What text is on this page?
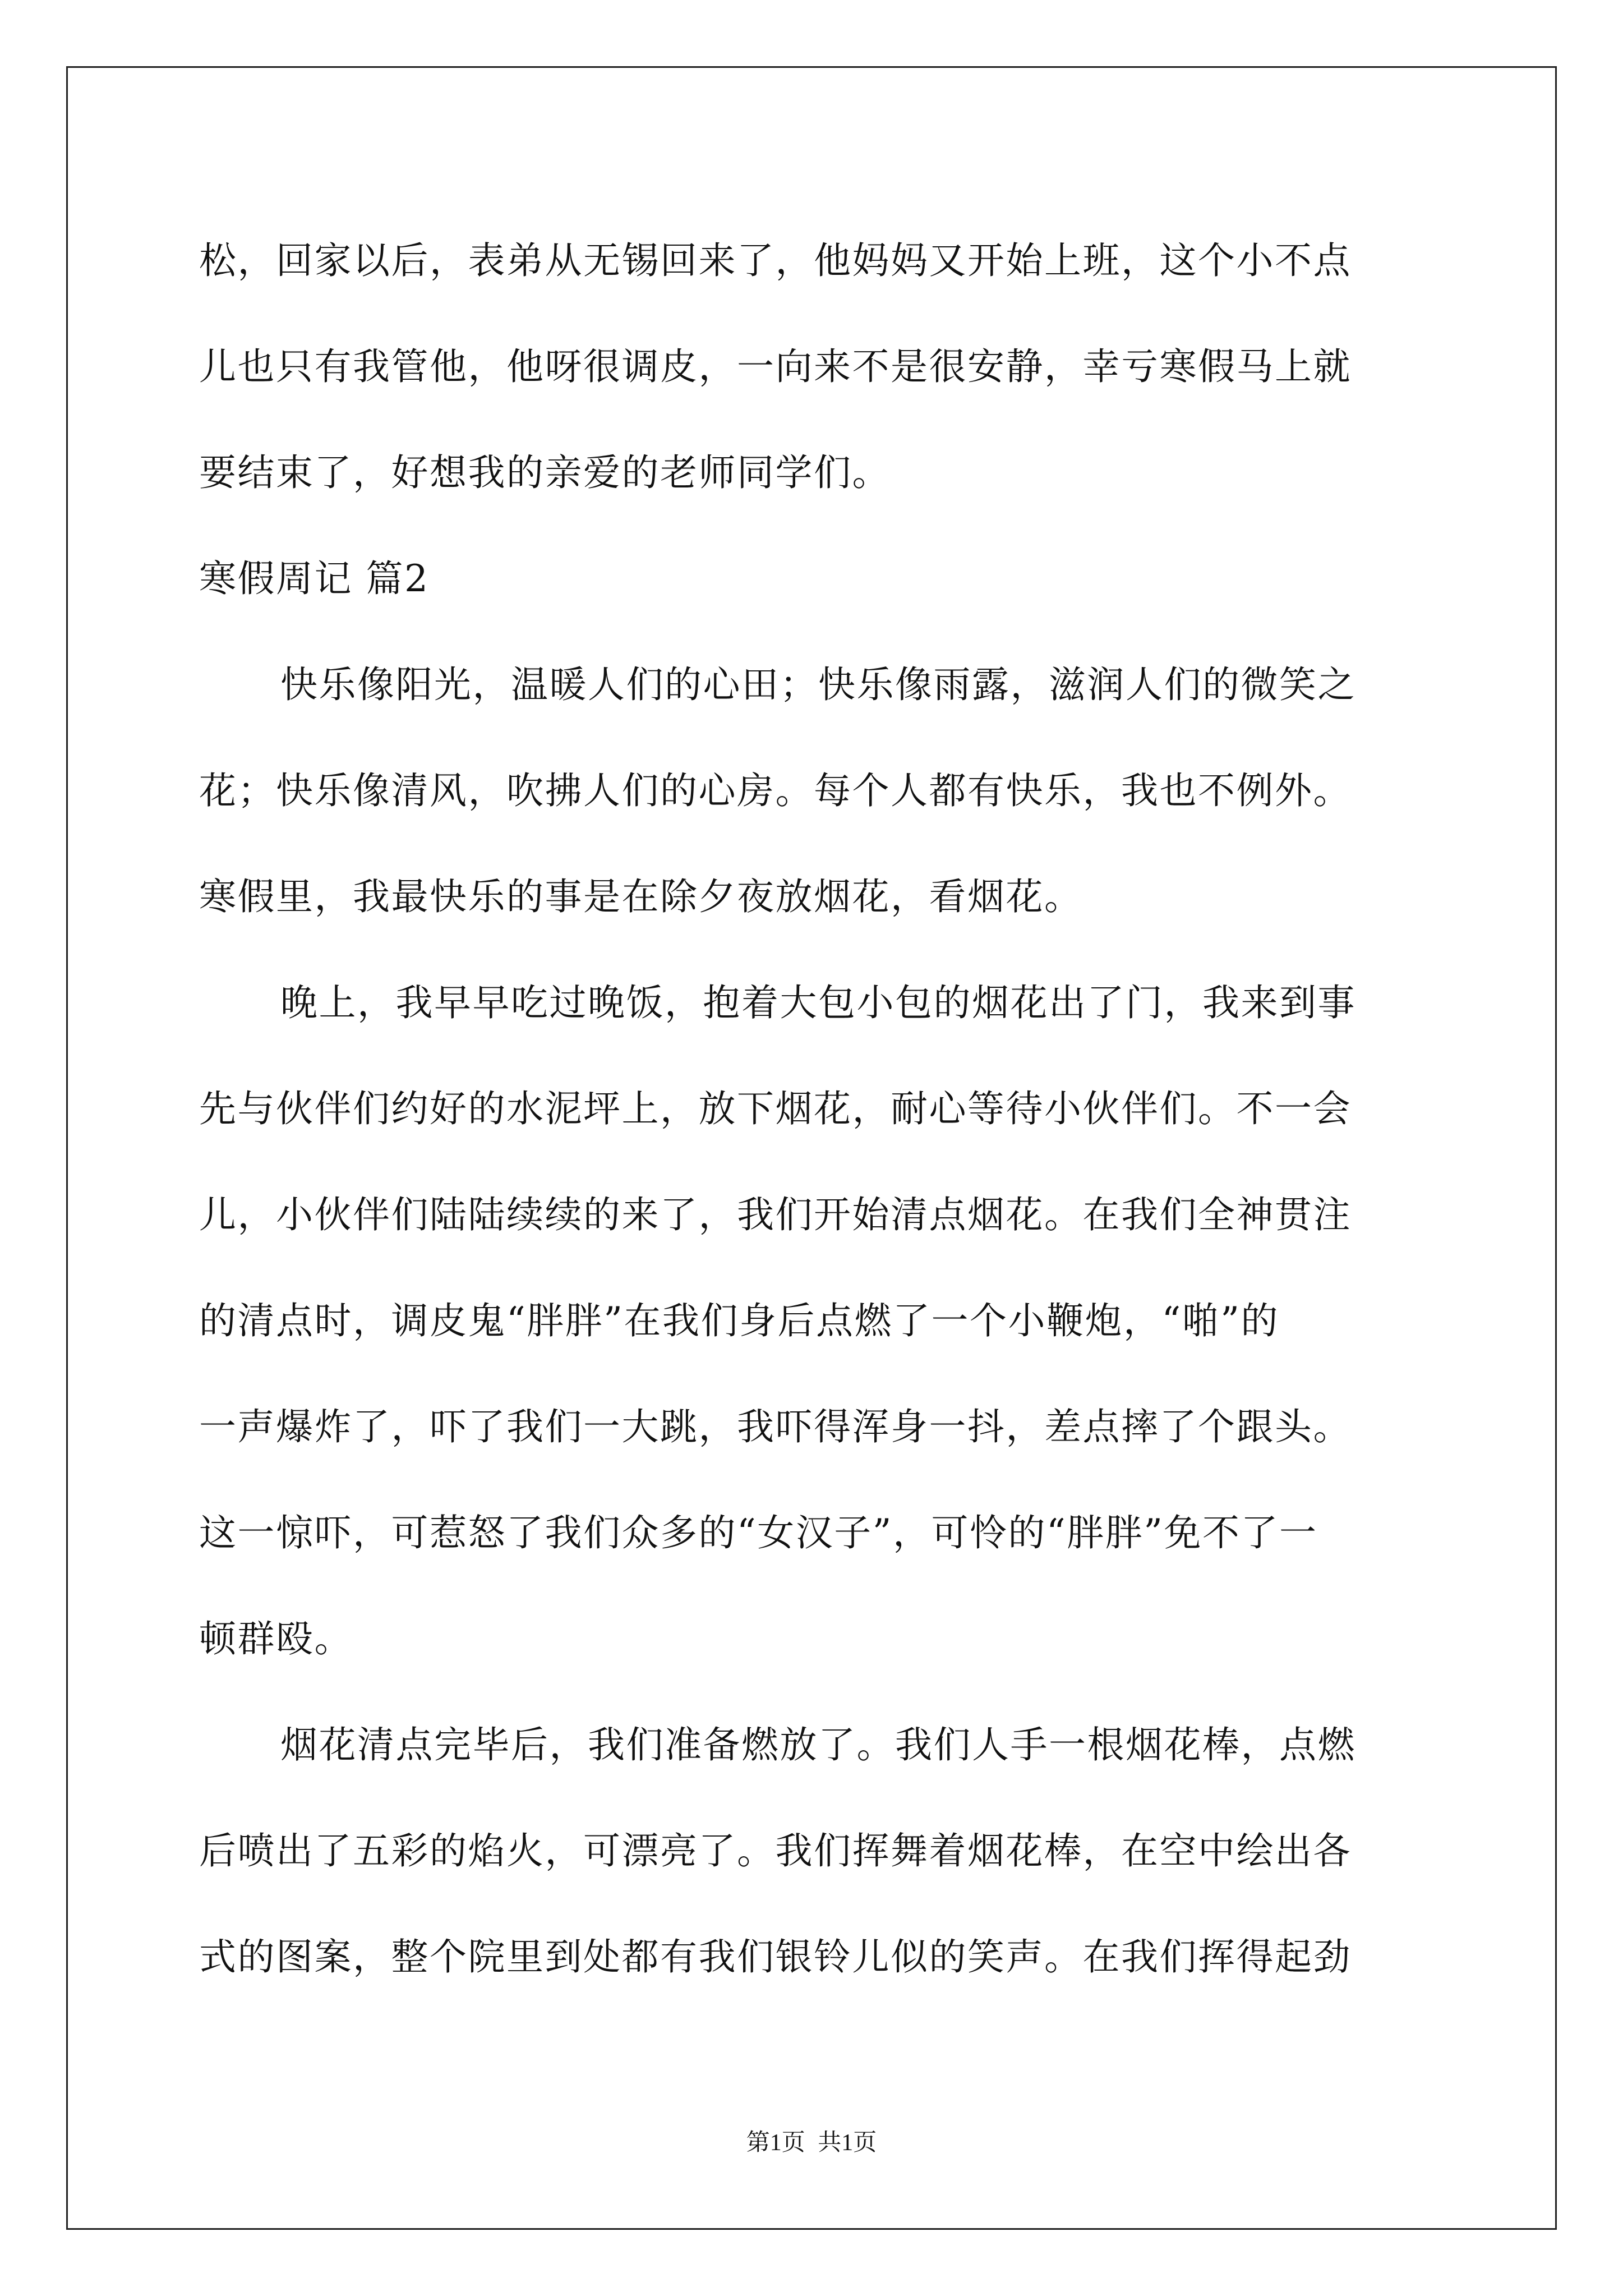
松，回家以后，表弟从无锡回来了，他妈妈又开始上班，这个小不点
儿也只有我管他，他呀很调皮，一向来不是很安静，幸亏寒假马上就
要结束了，好想我的亲爱的老师同学们。
寒假周记 篇2
快乐像阳光，温暖人们的心田；快乐像雨露，滋润人们的微笑之
花；快乐像清风，吹拂人们的心房。每个人都有快乐，我也不例外。
寒假里，我最快乐的事是在除夕夜放烟花，看烟花。
晚上，我早早吃过晚饭，抱着大包小包的烟花出了门，我来到事
先与伙伴们约好的水泥坪上，放下烟花，耐心等待小伙伴们。不一会
儿，小伙伴们陆陆续续的来了，我们开始清点烟花。在我们全神贯注
的清点时，调皮鬼“胖胖”在我们身后点燃了一个小鞭炮，“啪”的
一声爆炸了，吓了我们一大跳，我吓得浑身一抖，差点摔了个跟头。
这一惊吓，可惹怒了我们众多的“女汉子”，可怜的“胖胖”免不了一
顿群殴。
烟花清点完毕后，我们准备燃放了。我们人手一根烟花棒，点燃
后喷出了五彩的焰火，可漂亮了。我们挥舞着烟花棒，在空中绘出各
式的图案，整个院里到处都有我们银铃儿似的笑声。在我们挥得起劲
第1页 共1页
